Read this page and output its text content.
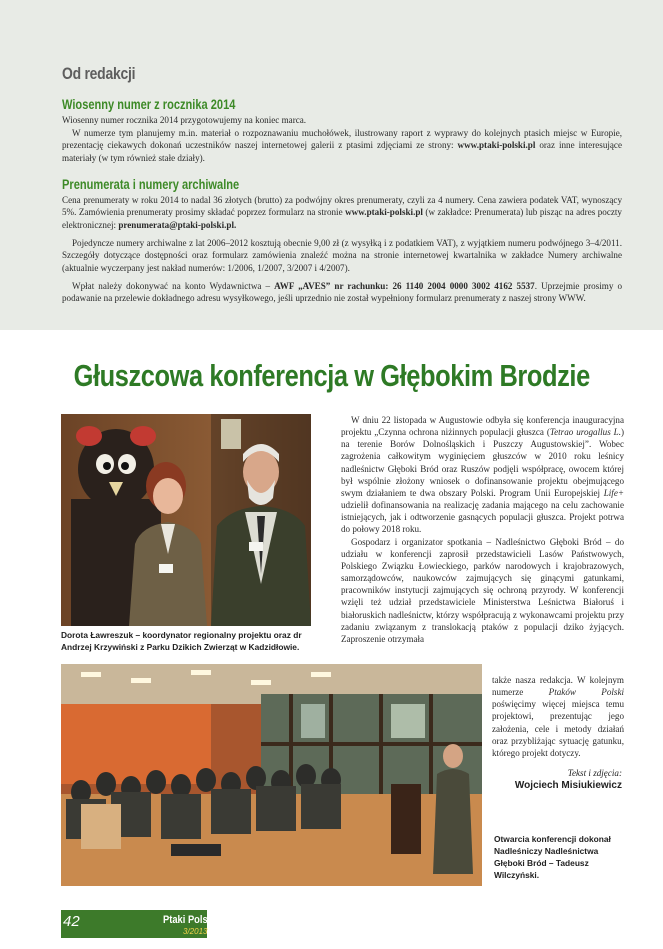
Od redakcji
Wiosenny numer z rocznika 2014
Wiosenny numer rocznika 2014 przygotowujemy na koniec marca.
W numerze tym planujemy m.in. materiał o rozpoznawaniu muchołówek, ilustrowany raport z wyprawy do kolejnych ptasich miejsc w Europie, prezentację ciekawych dokonań uczestników naszej internetowej galerii z ptasimi zdjęciami ze strony: www.ptaki-polski.pl oraz inne interesujące materiały (w tym również stałe działy).
Prenumerata i numery archiwalne
Cena prenumeraty w roku 2014 to nadal 36 złotych (brutto) za podwójny okres prenumeraty, czyli za 4 numery. Cena zawiera podatek VAT, wynoszący 5%. Zamówienia prenumeraty prosimy składać poprzez formularz na stronie www.ptaki-polski.pl (w zakładce: Prenumerata) lub pisząc na adres poczty elektronicznej: prenumerata@ptaki-polski.pl.
Pojedyncze numery archiwalne z lat 2006–2012 kosztują obecnie 9,00 zł (z wysyłką i z podatkiem VAT), z wyjątkiem numeru podwójnego 3–4/2011. Szczegóły dotyczące dostępności oraz formularz zamówienia znaleźć można na stronie internetowej kwartalnika w zakładce Numery archiwalne (aktualnie wyczerpany jest nakład numerów: 1/2006, 1/2007, 3/2007 i 4/2007).
Wpłat należy dokonywać na konto Wydawnictwa – AWF „AVES” nr rachunku: 26 1140 2004 0000 3002 4162 5537. Uprzejmie prosimy o podawanie na przelewie dokładnego adresu wysyłkowego, jeśli uprzednio nie został wypełniony formularz prenumeraty z naszej strony WWW.
Głuszcowa konferencja w Głębokim Brodzie
Dorota Ławreszuk – koordynator regionalny projektu oraz dr Andrzej Krzywiński z Parku Dzikich Zwierząt w Kadzidłowie.

W dniu 22 listopada w Augustowie odbyła się konferencja inauguracyjna projektu „Czynna ochrona niżinnych populacji głuszca (Tetrao urogallus L.) na terenie Borów Dolnośląskich i Puszczy Augustowskiej”. Wobec zagrożenia całkowitym wyginięciem głuszców w 2010 roku leśnicy nadleśnictw Głęboki Bród oraz Ruszów podjęli współpracę, owocem której był wspólnie złożony wniosek o dofinansowanie projektu obejmującego swym działaniem te dwa obszary Polski. Program Unii Europejskiej Life+ udzielił dofinansowania na realizację zadania mającego na celu zachowanie istniejących, jak i odtworzenie gasnących populacji głuszca. Projekt potrwa do połowy 2018 roku.

Gospodarz i organizator spotkania – Nadleśnictwo Głęboki Bród – do udziału w konferencji zaprosił przedstawicieli Lasów Państwowych, Polskiego Związku Łowieckiego, parków narodowych i krajobrazowych, samorządowców, naukowców zajmujących się ginącymi gatunkami, pracowników instytucji zajmujących się ochroną przyrody. W konferencji wzięli też udział przedstawiciele Ministerstwa Leśnictwa Białoruś i białoruskich nadleśnictw, którzy współpracują z wykonawcami projektu przy zadaniu związanym z translokacją ptaków z populacji dziko żyjących. Zaproszenie otrzymała

także nasza redakcja. W kolejnym numerze Ptaków Polski poświęcimy więcej miejsca temu projektowi, prezentując jego założenia, cele i metody działań oraz przybliżając sytuację gatunku, którego projekt dotyczy.
Tekst i zdjęcia:
Wojciech Misiukiewicz
Otwarcia konferencji dokonał Nadleśniczy Nadleśnictwa Głęboki Bród – Tadeusz Wilczyński.
42	Ptaki Polski
3/2013
